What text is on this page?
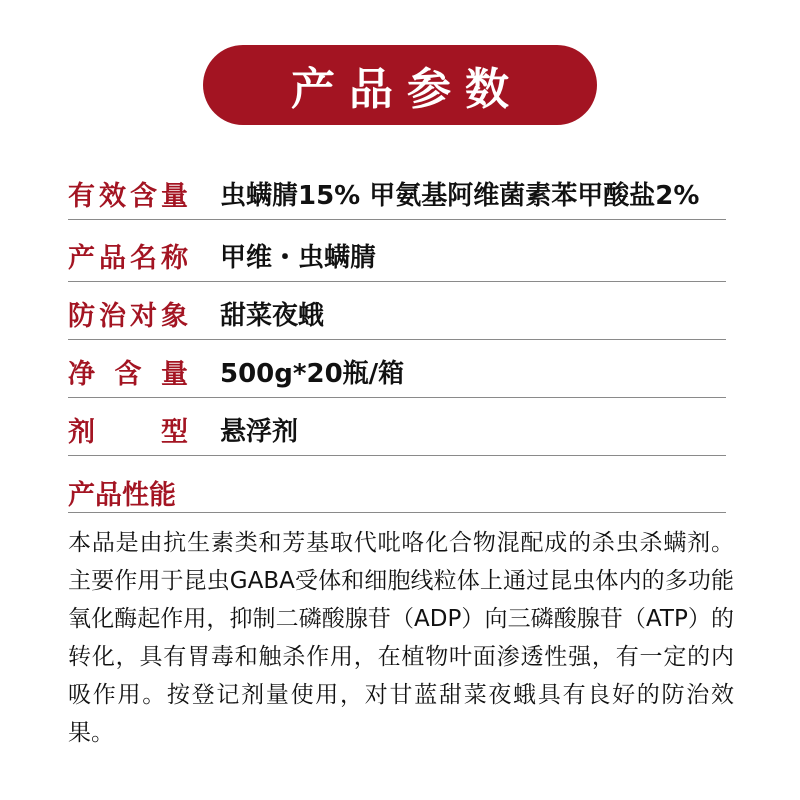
产品参数
有效含量 虫螨腈15% 甲氨基阿维菌素苯甲酸盐2%
产品名称 甲维・虫螨腈
防治对象 甜菜夜蛾
净含量 500g*20瓶/箱
剂型 悬浮剂
产品性能
本品是由抗生素类和芳基取代吡咯化合物混配成的杀虫杀螨剂。主要作用于昆虫GABA受体和细胞线粒体上通过昆虫体内的多功能氧化酶起作用，抑制二磷酸腺苷（ADP）向三磷酸腺苷（ATP）的转化，具有胃毒和触杀作用，在植物叶面渗透性强，有一定的内吸作用。按登记剂量使用，对甘蓝甜菜夜蛾具有良好的防治效果。
